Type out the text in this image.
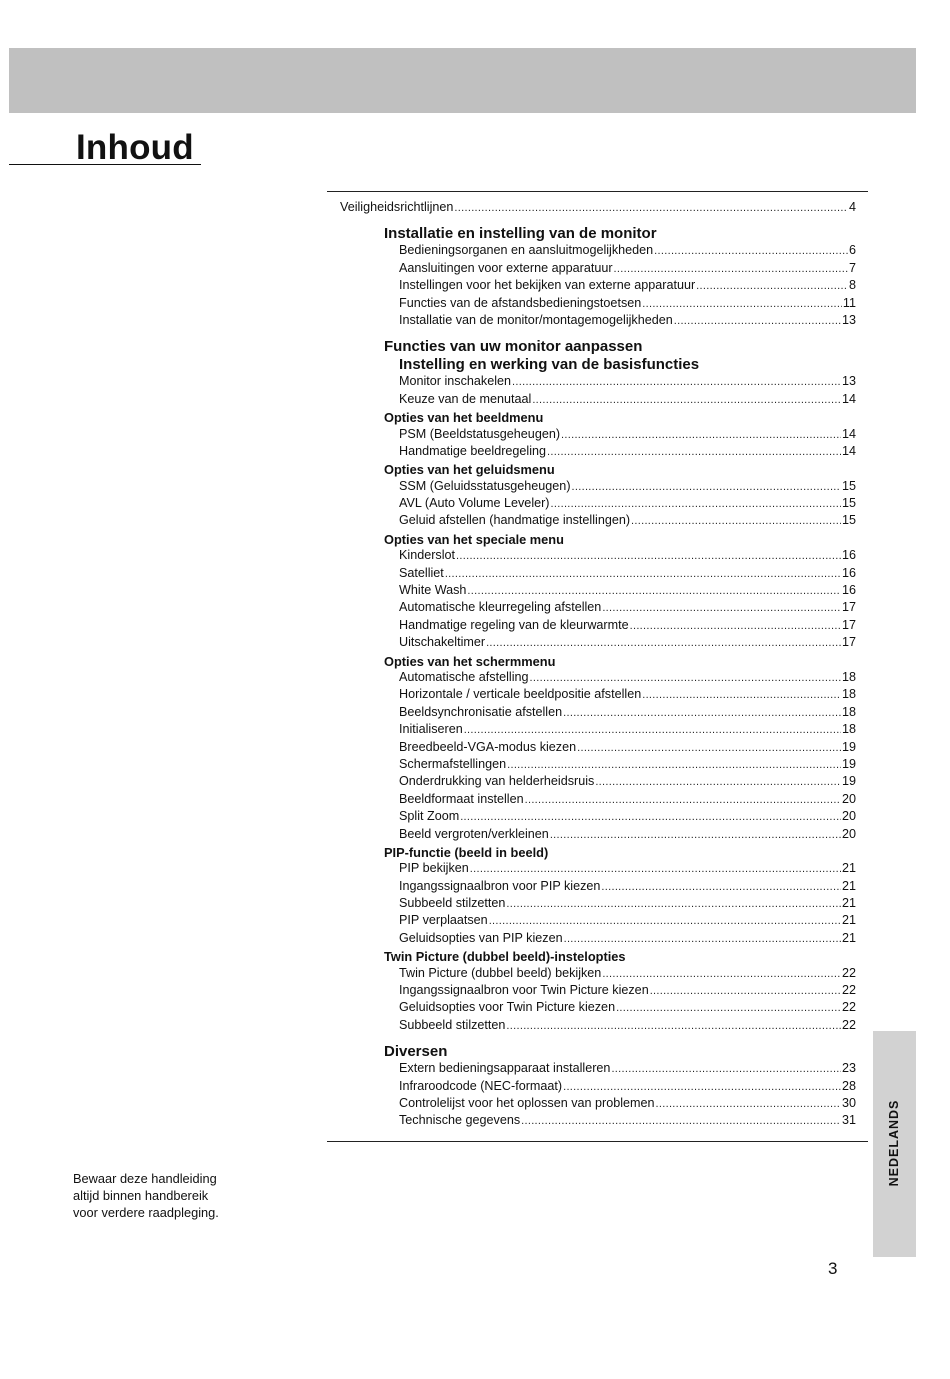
Inhoud
Veiligheidsrichtlijnen .....	4
Installatie en instelling van de monitor
Bedieningsorganen en aansluitmogelijkheden .....	6
Aansluitingen voor externe apparatuur .....	7
Instellingen voor het bekijken van externe apparatuur .....	8
Functies van de afstandsbedieningstoetsen .....	11
Installatie van de monitor/montagemogelijkheden .....	13
Functies van uw monitor aanpassen
Instelling en werking van de basisfuncties
Monitor inschakelen .....	13
Keuze van de menutaal .....	14
Opties van het beeldmenu
PSM (Beeldstatusgeheugen) .....	14
Handmatige beeldregeling .....	14
Opties van het geluidsmenu
SSM (Geluidsstatusgeheugen) .....	15
AVL (Auto Volume Leveler) .....	15
Geluid afstellen (handmatige instellingen) .....	15
Opties van het speciale menu
Kinderslot .....	16
Satelliet .....	16
White Wash .....	16
Automatische kleurregeling afstellen .....	17
Handmatige regeling van de kleurwarmte .....	17
Uitschakeltimer .....	17
Opties van het schermmenu
Automatische afstelling .....	18
Horizontale / verticale beeldpositie afstellen .....	18
Beeldsynchronisatie afstellen .....	18
Initialiseren .....	18
Breedbeeld-VGA-modus kiezen .....	19
Schermafstellingen .....	19
Onderdrukking van helderheidsruis .....	19
Beeldformaat instellen .....	20
Split Zoom .....	20
Beeld vergroten/verkleinen .....	20
PIP-functie (beeld in beeld)
PIP bekijken .....	21
Ingangssignaalbron voor PIP kiezen .....	21
Subbeeld stilzetten .....	21
PIP verplaatsen .....	21
Geluidsopties van PIP kiezen .....	21
Twin Picture (dubbel beeld)-instelopties
Twin Picture (dubbel beeld) bekijken .....	22
Ingangssignaalbron voor Twin Picture kiezen .....	22
Geluidsopties voor Twin Picture kiezen .....	22
Subbeeld stilzetten .....	22
Diversen
Extern bedieningsapparaat installeren .....	23
Infraroodcode (NEC-formaat) .....	28
Controlelijst voor het oplossen van problemen .....	30
Technische gegevens .....	31
Bewaar deze handleiding
altijd binnen handbereik
voor verdere raadpleging.
NEDELANDS
3
